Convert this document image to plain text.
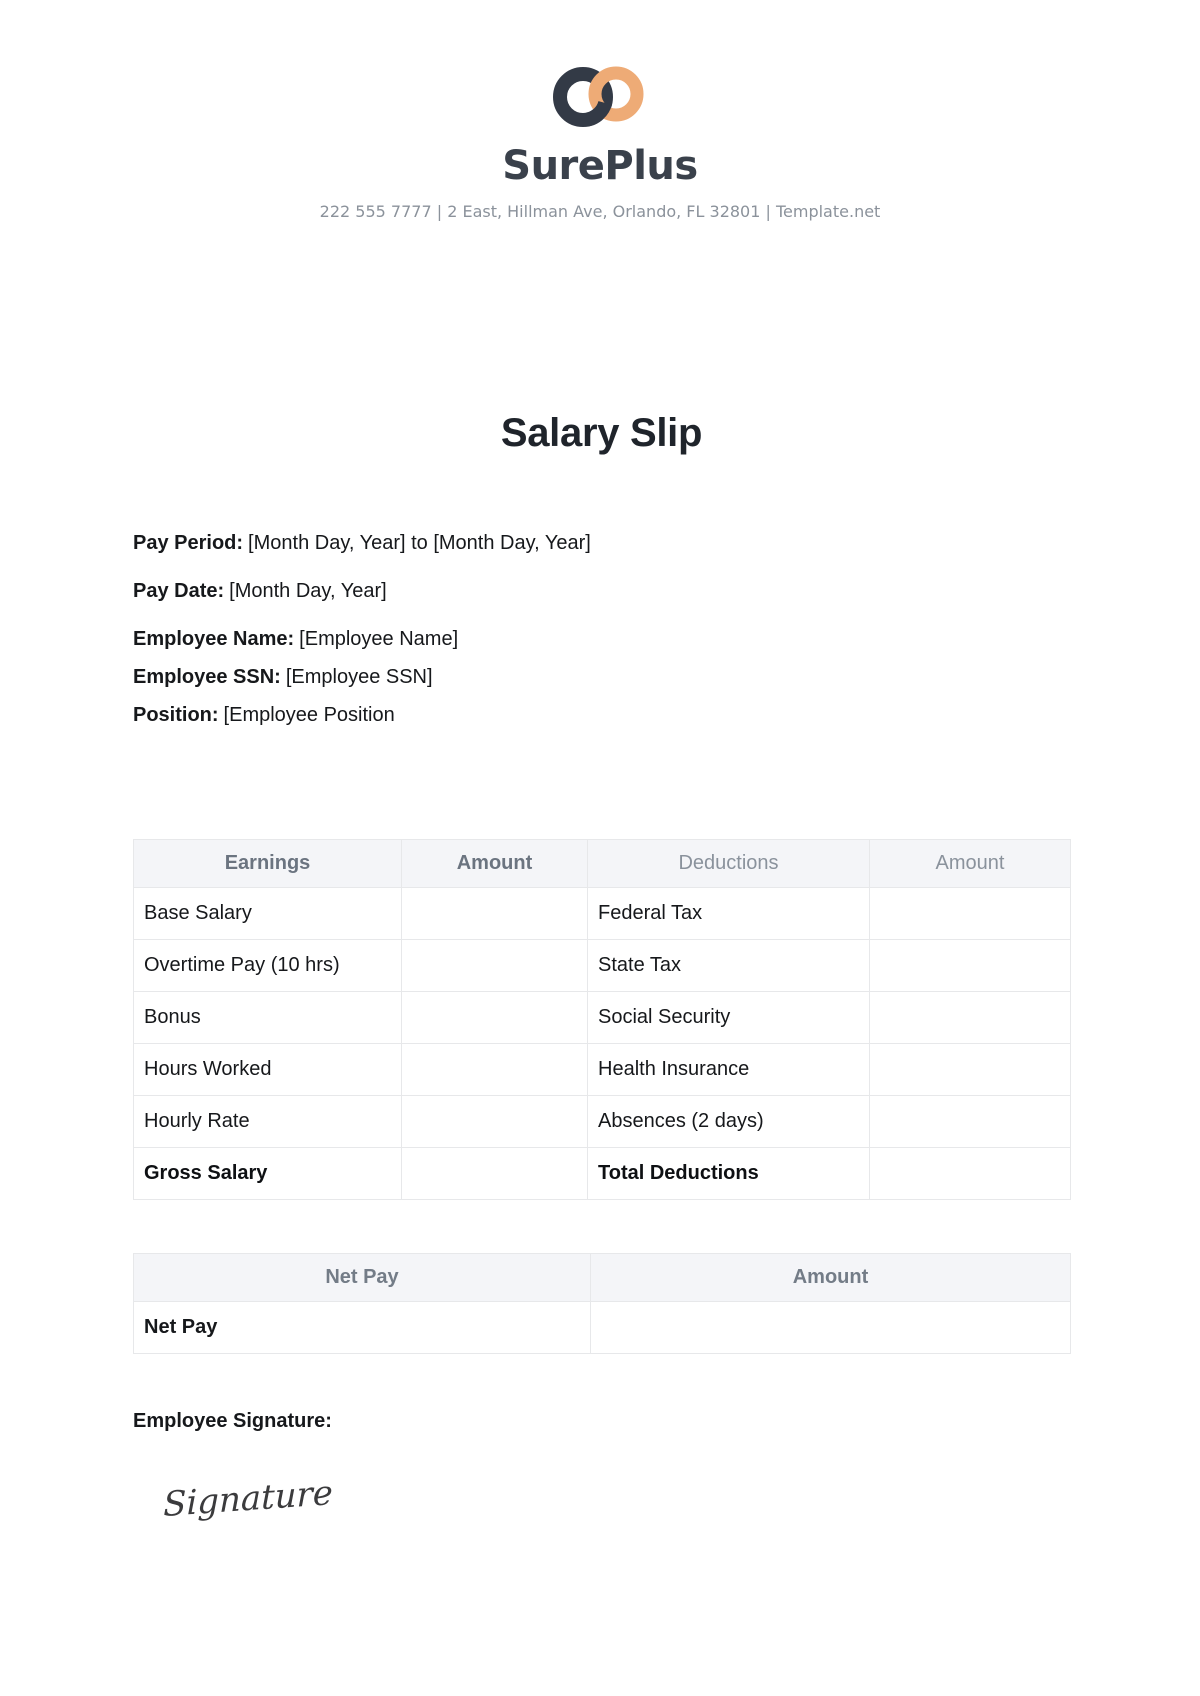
SurePlus
222 555 7777 | 2 East, Hillman Ave, Orlando, FL 32801 | Template.net
Salary Slip

Pay Period: [Month Day, Year] to [Month Day, Year]

Pay Date: [Month Day, Year]

Employee Name: [Employee Name]

Employee SSN: [Employee SSN]

Position: [Employee Position

Earnings	Amount	Deductions	Amount
Base Salary		Federal Tax	
Overtime Pay (10 hrs)		State Tax	
Bonus		Social Security	
Hours Worked		Health Insurance	
Hourly Rate		Absences (2 days)	
Gross Salary		Total Deductions	
Net Pay	Amount
Net Pay	
Employee Signature:
Signature
